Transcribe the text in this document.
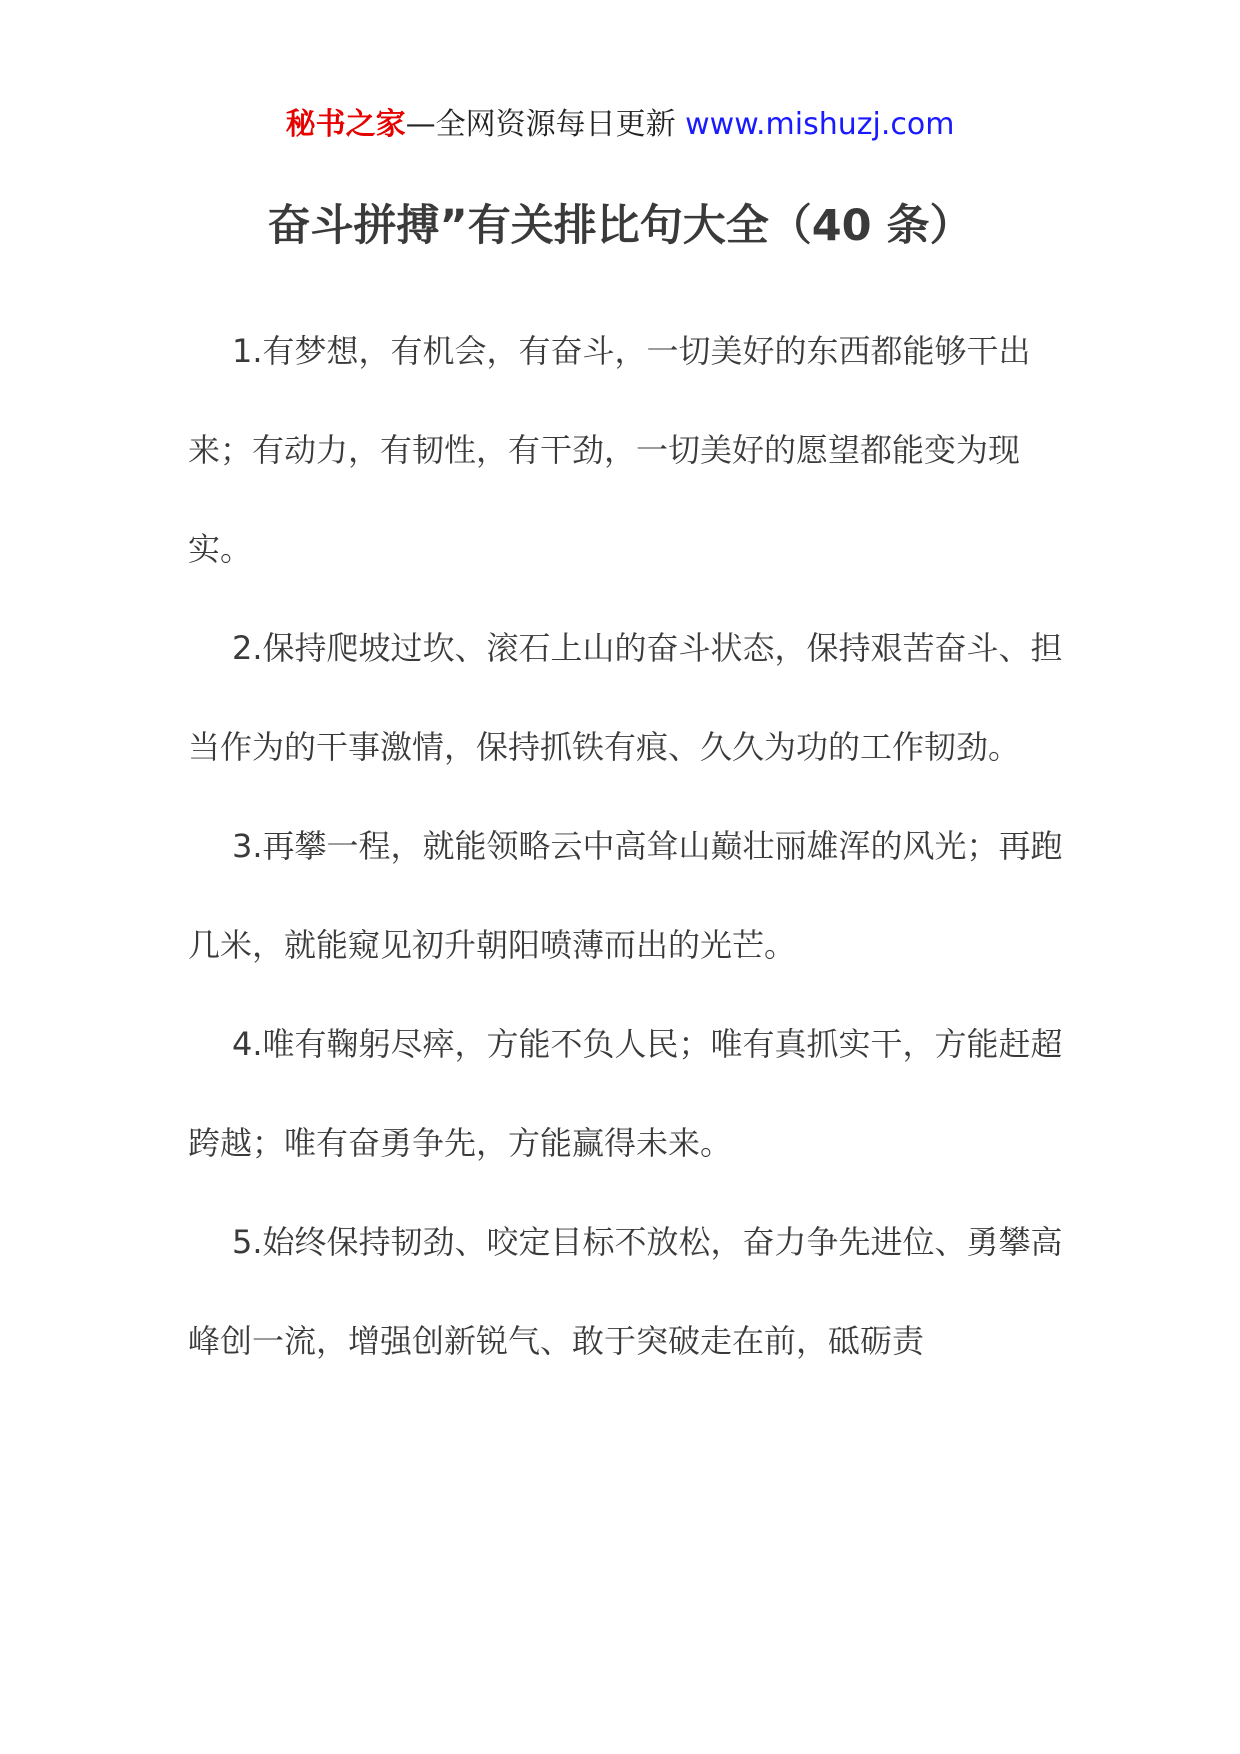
秘书之家—全网资源每日更新 www.mishuzj.com
奋斗拼搏”有关排比句大全（40 条）

1.有梦想，有机会，有奋斗，一切美好的东西都能够干出来；有动力，有韧性，有干劲，一切美好的愿望都能变为现实。

2.保持爬坡过坎、滚石上山的奋斗状态，保持艰苦奋斗、担当作为的干事激情，保持抓铁有痕、久久为功的工作韧劲。

3.再攀一程，就能领略云中高耸山巅壮丽雄浑的风光；再跑几米，就能窥见初升朝阳喷薄而出的光芒。

4.唯有鞠躬尽瘁，方能不负人民；唯有真抓实干，方能赶超跨越；唯有奋勇争先，方能赢得未来。

5.始终保持韧劲、咬定目标不放松，奋力争先进位、勇攀高峰创一流，增强创新锐气、敢于突破走在前，砥砺责
